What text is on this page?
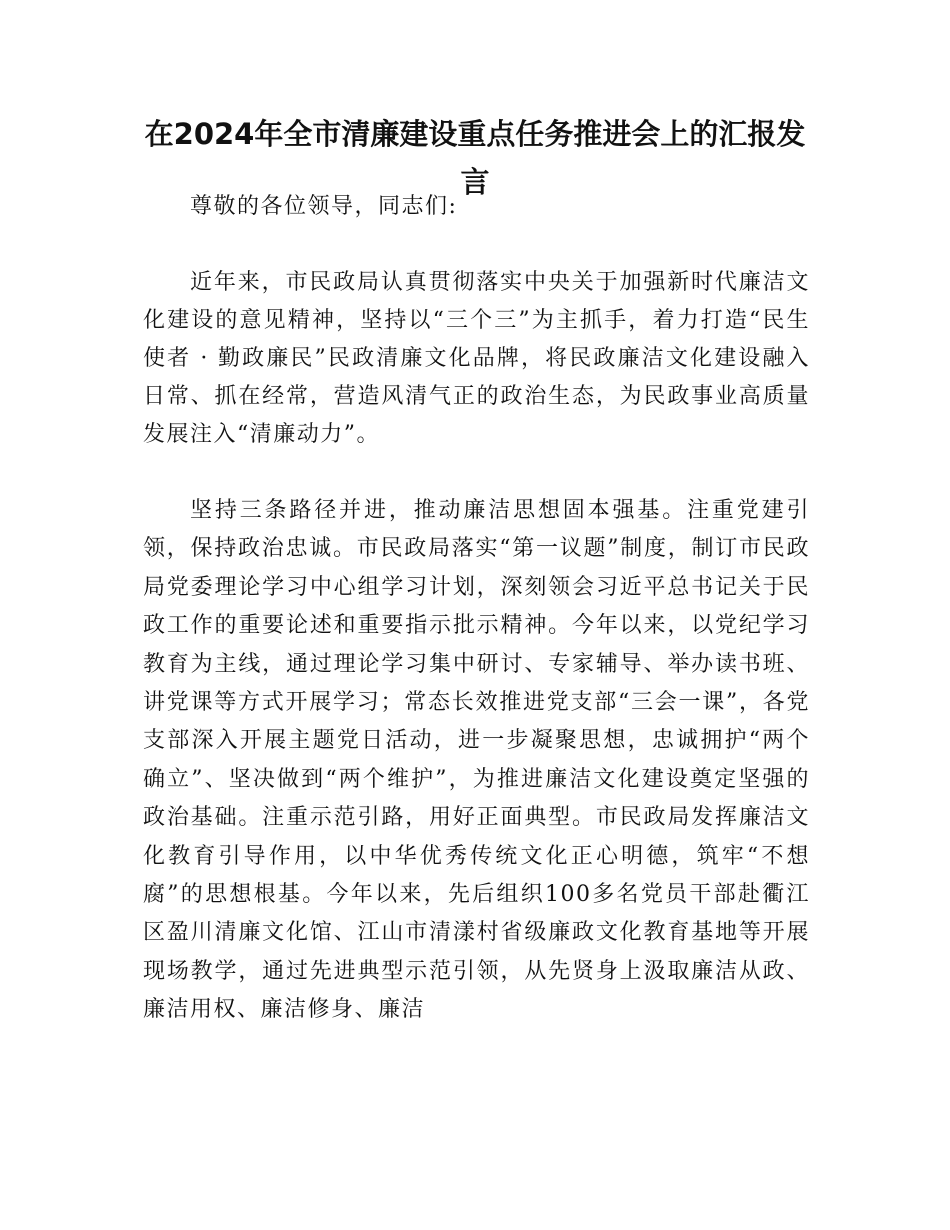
在2024年全市清廉建设重点任务推进会上的汇报发言

尊敬的各位领导，同志们:

近年来，市民政局认真贯彻落实中央关于加强新时代廉洁文化建设的意见精神，坚持以“三个三”为主抓手，着力打造“民生使者 · 勤政廉民”民政清廉文化品牌，将民政廉洁文化建设融入日常、抓在经常，营造风清气正的政治生态，为民政事业高质量发展注入“清廉动力”。

坚持三条路径并进，推动廉洁思想固本强基。注重党建引领，保持政治忠诚。市民政局落实“第一议题”制度，制订市民政局党委理论学习中心组学习计划，深刻领会习近平总书记关于民政工作的重要论述和重要指示批示精神。今年以来，以党纪学习教育为主线，通过理论学习集中研讨、专家辅导、举办读书班、讲党课等方式开展学习；常态长效推进党支部“三会一课”，各党支部深入开展主题党日活动，进一步凝聚思想，忠诚拥护“两个确立”、坚决做到“两个维护”，为推进廉洁文化建设奠定坚强的政治基础。注重示范引路，用好正面典型。市民政局发挥廉洁文化教育引导作用，以中华优秀传统文化正心明德，筑牢“不想腐”的思想根基。今年以来，先后组织100多名党员干部赴衢江区盈川清廉文化馆、江山市清漾村省级廉政文化教育基地等开展现场教学，通过先进典型示范引领，从先贤身上汲取廉洁从政、廉洁用权、廉洁修身、廉洁
